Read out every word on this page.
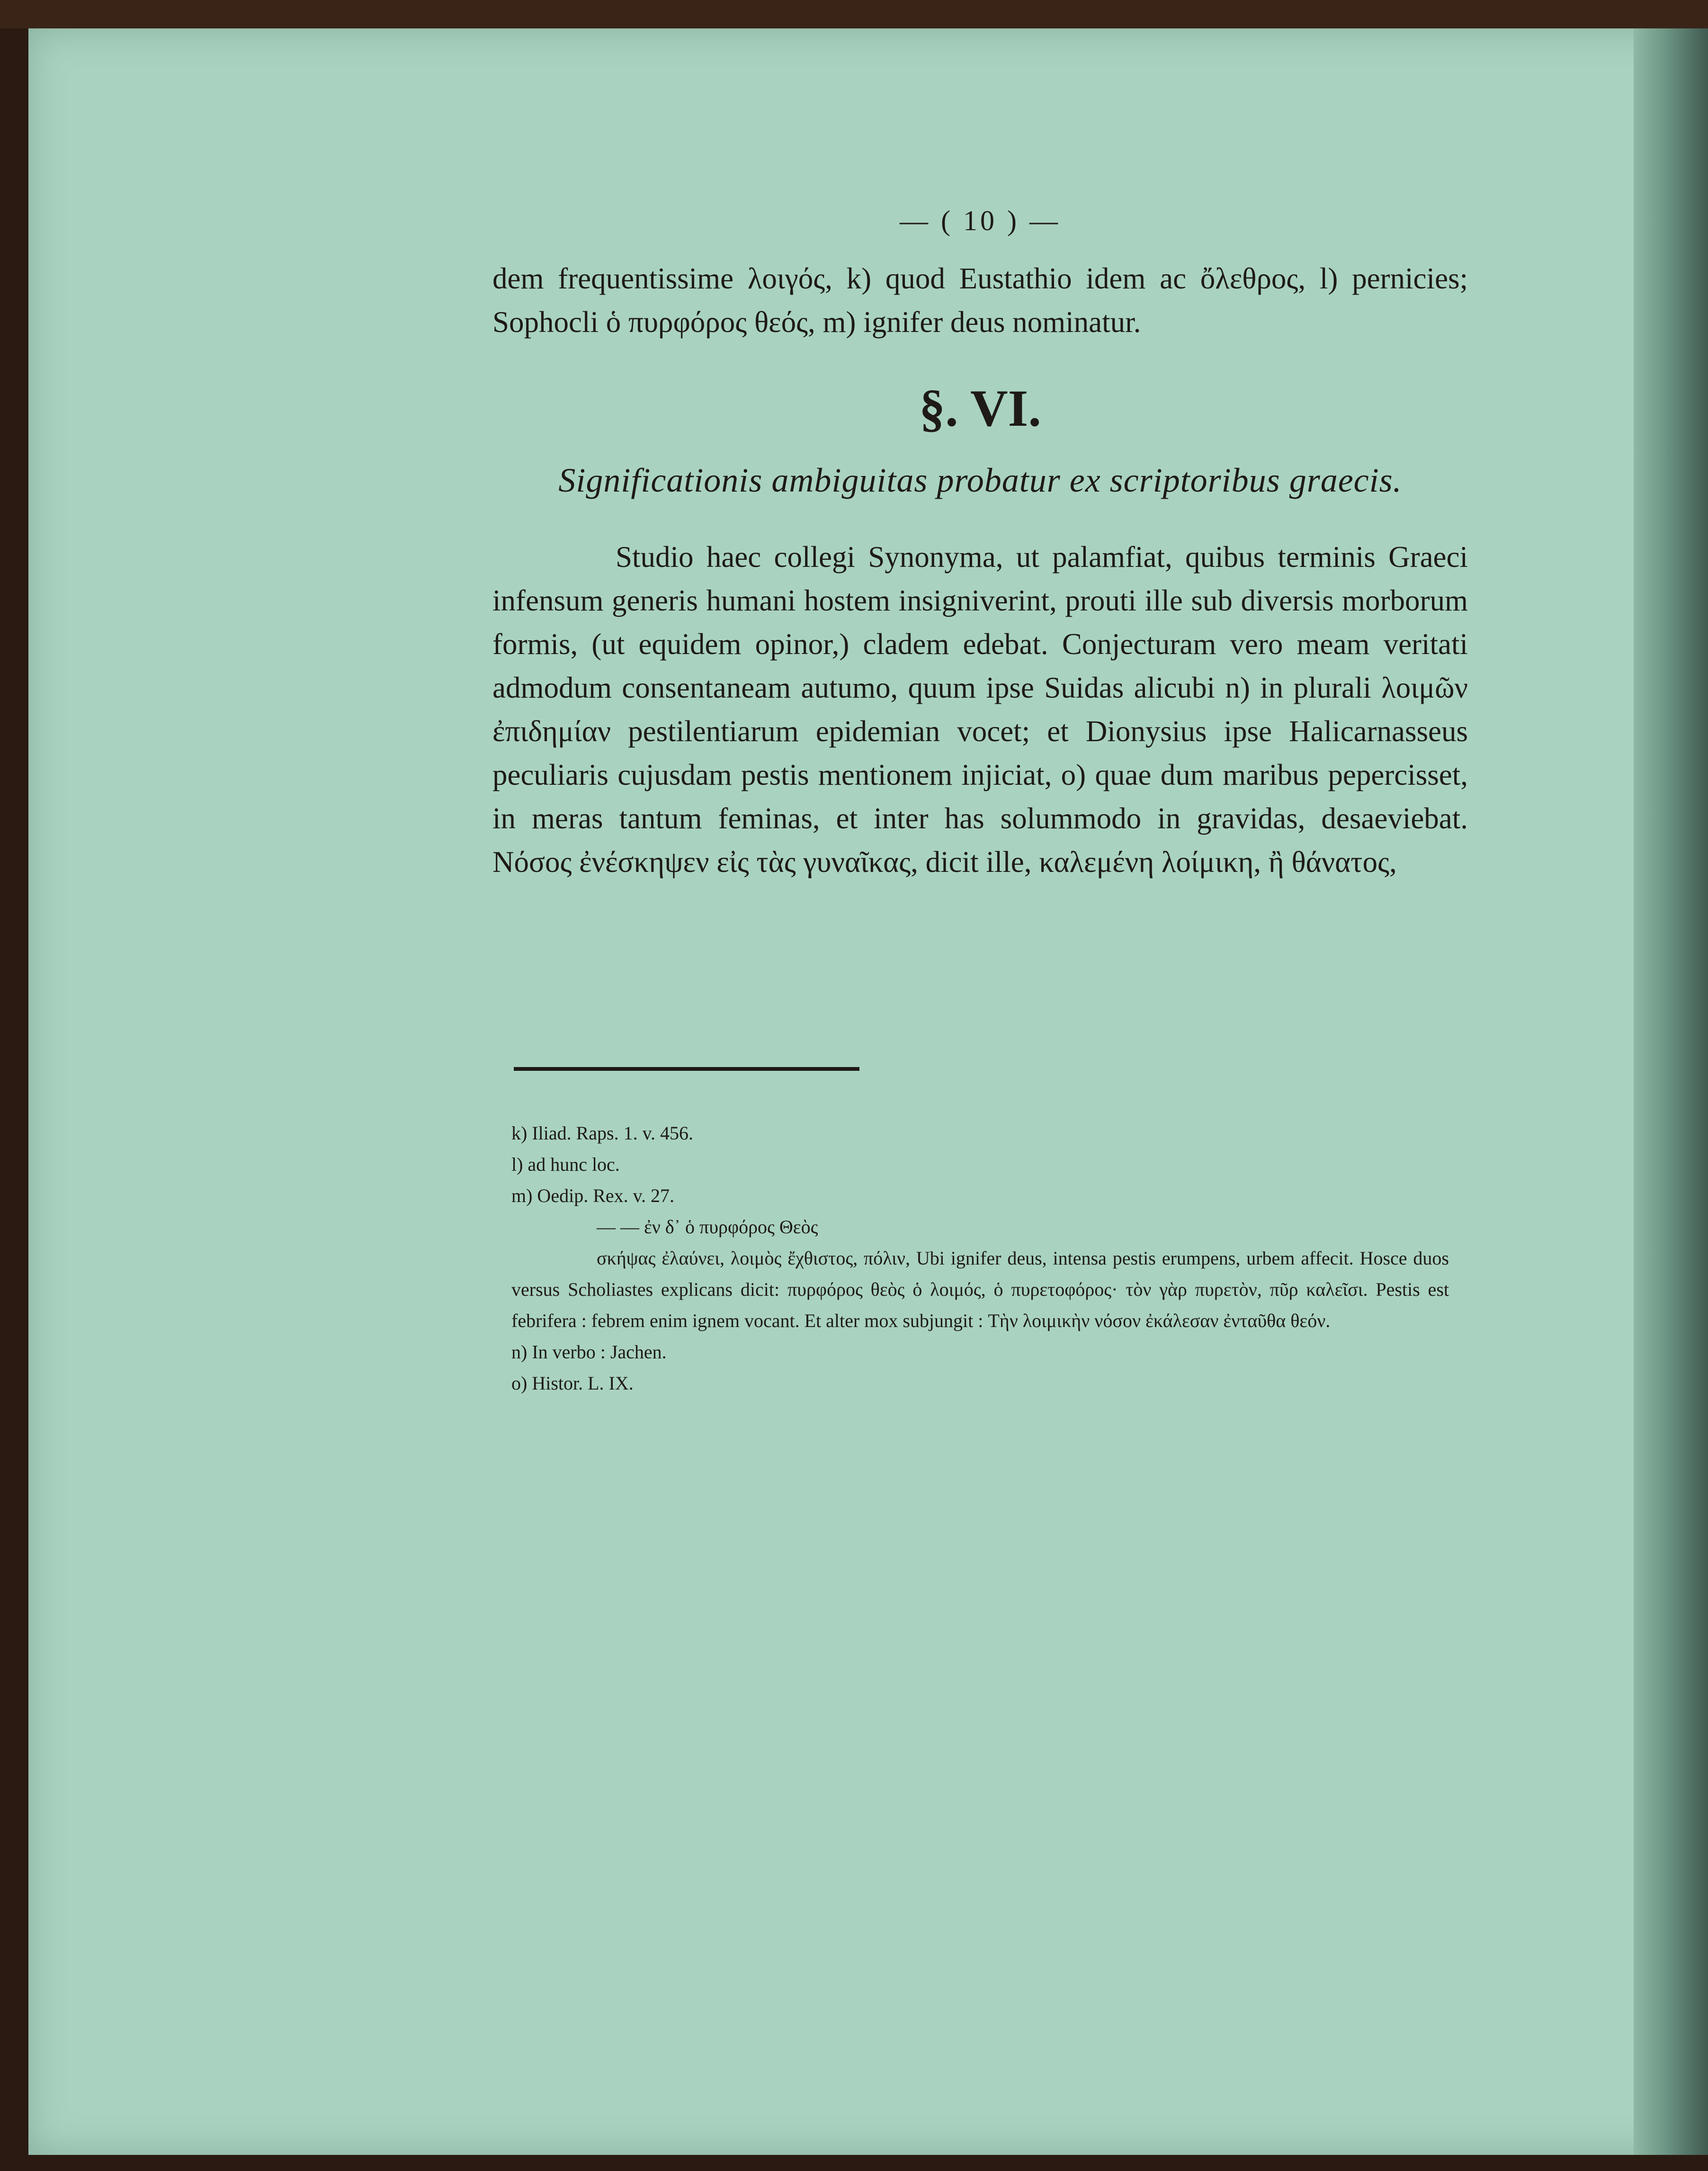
— ( 10 ) —

dem frequentissime λοιγός, k) quod Eustathio idem ac ὄλεθρος, l) pernicies; Sophocli ὁ πυρφόρος θεός, m) ignifer deus nominatur.

§. VI.
Significationis ambiguitas probatur ex scriptoribus graecis.

Studio haec collegi Synonyma, ut palamfiat, quibus terminis Graeci infensum generis humani hostem insigniverint, prouti ille sub diversis morborum formis, (ut equidem opinor,) cladem edebat. Conjecturam vero meam veritati admodum consentaneam autumo, quum ipse Suidas alicubi n) in plurali λοιμῶν ἐπιδημίαν pestilentiarum epidemian vocet; et Dionysius ipse Halicarnasseus peculiaris cujusdam pestis mentionem injiciat, o) quae dum maribus pepercisset, in meras tantum feminas, et inter has solummodo in gravidas, desaeviebat. Νόσος ἐνέσκηψεν εἰς τὰς γυναῖκας, dicit ille, καλεμένη λοίμικη, ἢ θάνατος,

k) Iliad. Raps. 1. v. 456.

l) ad hunc loc.

m) Oedip. Rex. v. 27.

— — ἐν δ᾽ ὁ πυρφόρος Θεὸς

σκήψας ἐλαύνει, λοιμὸς ἔχθιστος, πόλιν, Ubi ignifer deus, intensa pestis erumpens, urbem affecit. Hosce duos versus Scholiastes explicans dicit: πυρφόρος θεὸς ὁ λοιμός, ὁ πυρετοφόρος· τὸν γὰρ πυρετὸν, πῦρ καλεῖσι. Pestis est febrifera : febrem enim ignem vocant. Et alter mox subjungit : Τὴν λοιμικὴν νόσον ἐκάλεσαν ἐνταῦθα θεόν.

n) In verbo : Jachen.

o) Histor. L. IX.
